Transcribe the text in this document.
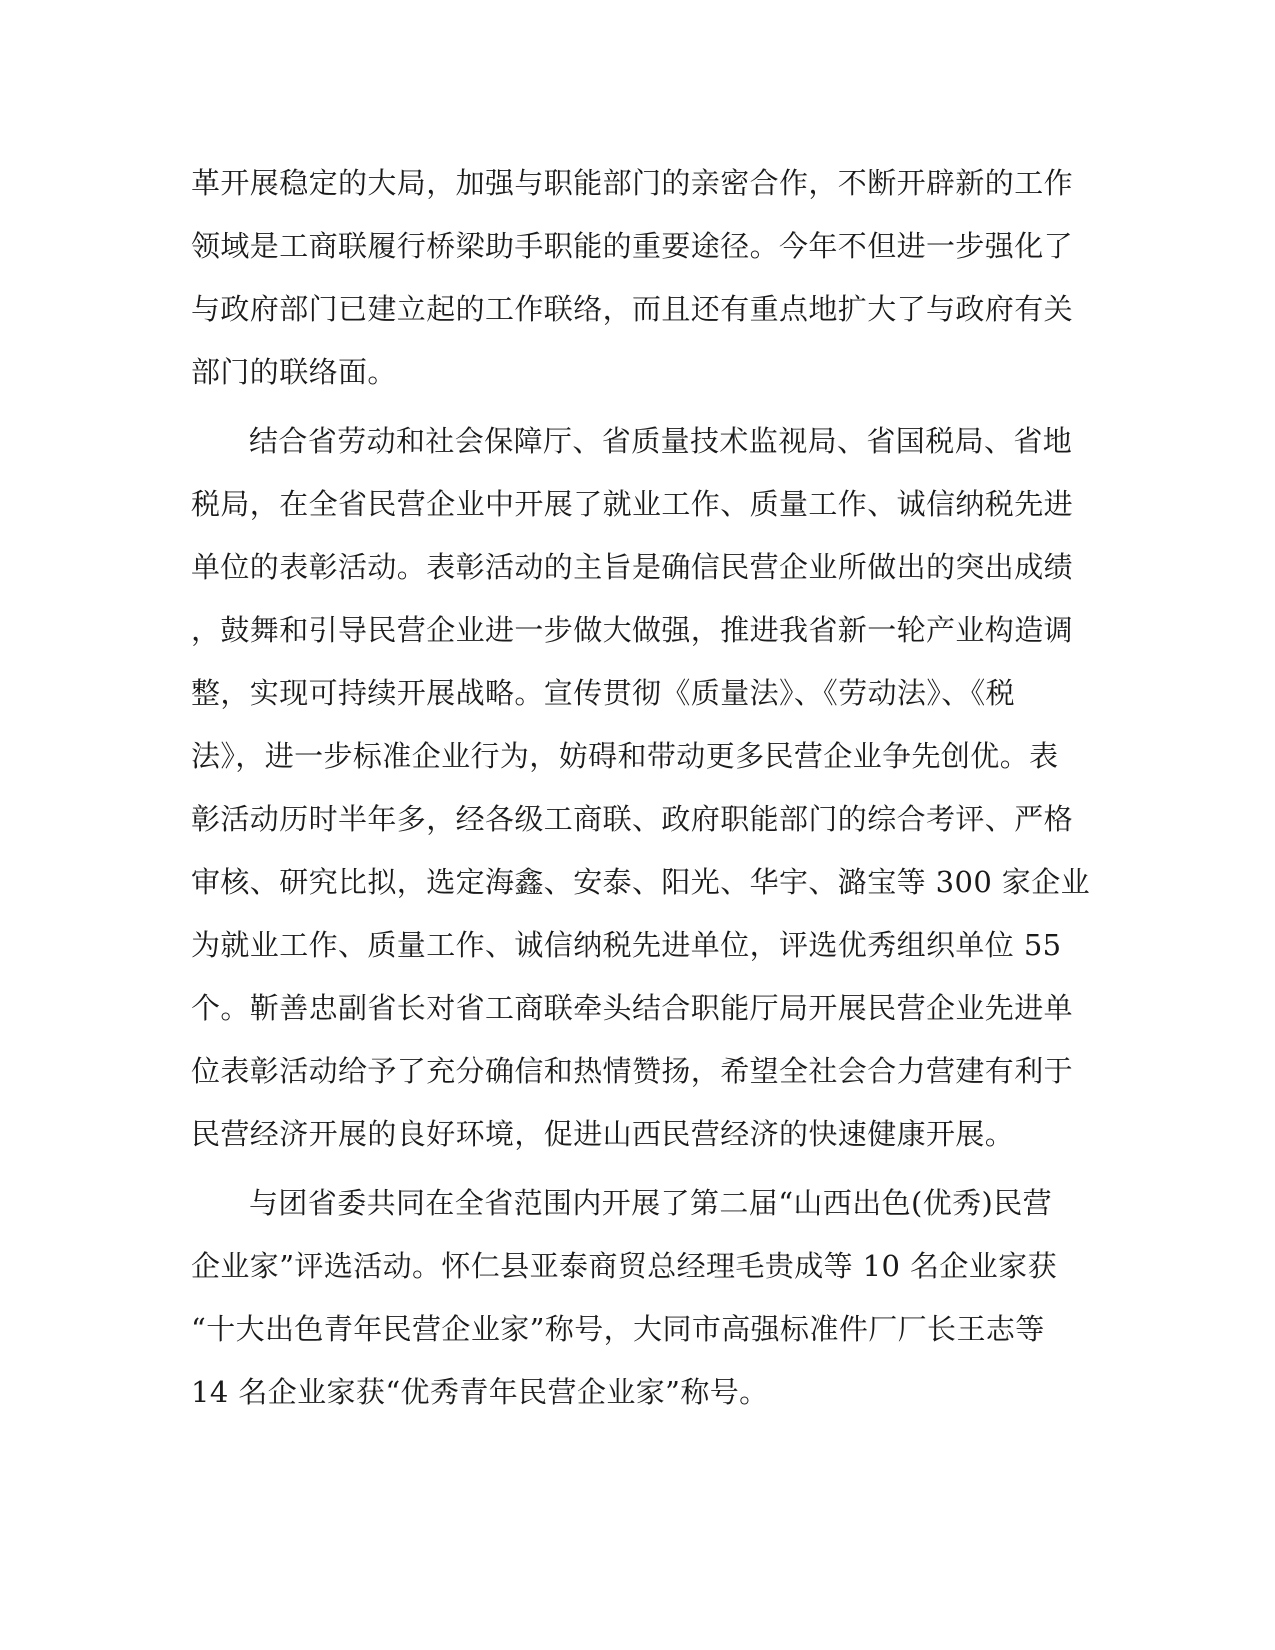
革开展稳定的大局，加强与职能部门的亲密合作，不断开辟新的工作
领域是工商联履行桥梁助手职能的重要途径。今年不但进一步强化了
与政府部门已建立起的工作联络，而且还有重点地扩大了与政府有关
部门的联络面。
结合省劳动和社会保障厅、省质量技术监视局、省国税局、省地
税局，在全省民营企业中开展了就业工作、质量工作、诚信纳税先进
单位的表彰活动。表彰活动的主旨是确信民营企业所做出的突出成绩
，鼓舞和引导民营企业进一步做大做强，推进我省新一轮产业构造调
整，实现可持续开展战略。宣传贯彻《质量法》、《劳动法》、《税
法》，进一步标准企业行为，妨碍和带动更多民营企业争先创优。表
彰活动历时半年多，经各级工商联、政府职能部门的综合考评、严格
审核、研究比拟，选定海鑫、安泰、阳光、华宇、潞宝等 300 家企业
为就业工作、质量工作、诚信纳税先进单位，评选优秀组织单位 55
个。靳善忠副省长对省工商联牵头结合职能厅局开展民营企业先进单
位表彰活动给予了充分确信和热情赞扬，希望全社会合力营建有利于
民营经济开展的良好环境，促进山西民营经济的快速健康开展。
与团省委共同在全省范围内开展了第二届“山西出色(优秀)民营
企业家”评选活动。怀仁县亚泰商贸总经理毛贵成等 10 名企业家获
“十大出色青年民营企业家”称号，大同市高强标准件厂厂长王志等
14 名企业家获“优秀青年民营企业家”称号。
